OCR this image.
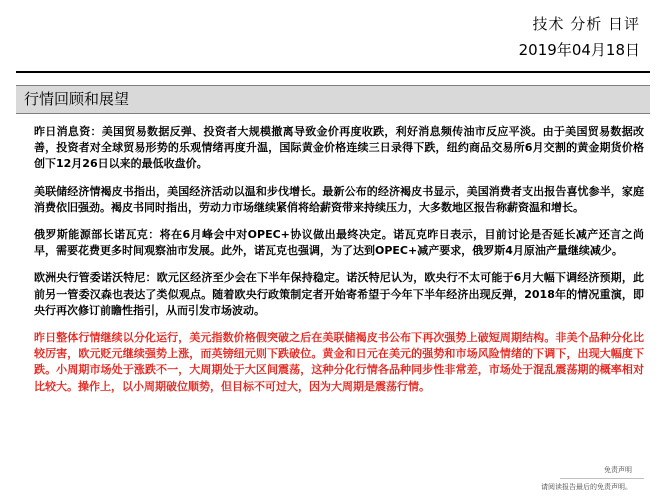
技术 分析 日评
2019年04月18日
行情回顾和展望

昨日消息资：美国贸易数据反弹、投资者大规模撤离导致金价再度收跌，利好消息频传油市反应平淡。由于美国贸易数据改善，投资者对全球贸易形势的乐观情绪再度升温，国际黄金价格连续三日录得下跌，纽约商品交易所6月交割的黄金期货价格创下12月26日以来的最低收盘价。

美联储经济情褐皮书指出，美国经济活动以温和步伐增长。最新公布的经济褐皮书显示，美国消费者支出报告喜忧参半，家庭消费依旧强劲。褐皮书同时指出，劳动力市场继续紧俏将给薪资带来持续压力，大多数地区报告称薪资温和增长。

俄罗斯能源部长诺瓦克：将在6月峰会中对OPEC+协议做出最终决定。诺瓦克昨日表示，目前讨论是否延长减产还言之尚早，需要花费更多时间观察油市发展。此外，诺瓦克也强调，为了达到OPEC+减产要求，俄罗斯4月原油产量继续减少。

欧洲央行管委诺沃特尼：欧元区经济至少会在下半年保持稳定。诺沃特尼认为，欧央行不太可能于6月大幅下调经济预期，此前另一管委汉森也表达了类似观点。随着欧央行政策制定者开始寄希望于今年下半年经济出现反弹，2018年的情况重演，即央行再次修订前瞻性指引，从而引发市场波动。

昨日整体行情继续以分化运行，美元指数价格假突破之后在美联储褐皮书公布下再次强势上破短周期结构。非美个品种分化比较厉害，欧元贬元继续强势上涨，而英镑纽元则下跌破位。黄金和日元在美元的强势和市场风险情绪的下调下，出现大幅度下跌。小周期市场处于涨跌不一，大周期处于大区间震荡，这种分化行情各品种同步性非常差，市场处于混乱震荡期的概率相对比较大。操作上，以小周期破位顺势，但目标不可过大，因为大周期是震荡行情。

免责声明
请阅读报告最后的免责声明。
